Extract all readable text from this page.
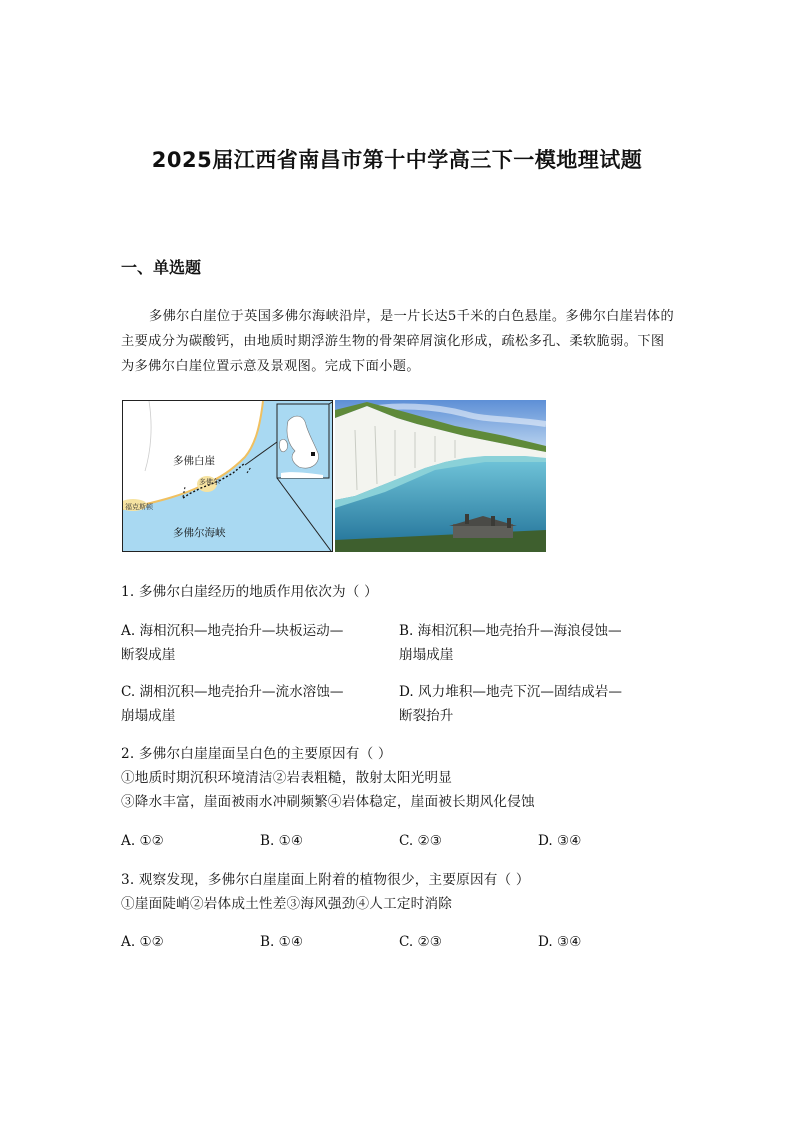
2025届江西省南昌市第十中学高三下一模地理试题
一、单选题

多佛尔白崖位于英国多佛尔海峡沿岸，是一片长达5千米的白色悬崖。多佛尔白崖岩体的主要成分为碳酸钙，由地质时期浮游生物的骨架碎屑演化形成，疏松多孔、柔软脆弱。下图为多佛尔白崖位置示意及景观图。完成下面小题。

多佛白崖
多佛尔
福克斯顿
多佛尔海峡

1. 多佛尔白崖经历的地质作用依次为（ ）

A. 海相沉积—地壳抬升—块板运动—
断裂成崖
B. 海相沉积—地壳抬升—海浪侵蚀—
崩塌成崖
C. 湖相沉积—地壳抬升—流水溶蚀—
崩塌成崖
D. 风力堆积—地壳下沉—固结成岩—
断裂抬升

2. 多佛尔白崖崖面呈白色的主要原因有（ ）

①地质时期沉积环境清洁②岩表粗糙，散射太阳光明显

③降水丰富，崖面被雨水冲刷频繁④岩体稳定，崖面被长期风化侵蚀

A. ①②	B. ①④	C. ②③	D. ③④

3. 观察发现，多佛尔白崖崖面上附着的植物很少，主要原因有（ ）

①崖面陡峭②岩体成土性差③海风强劲④人工定时消除

A. ①②	B. ①④	C. ②③	D. ③④
